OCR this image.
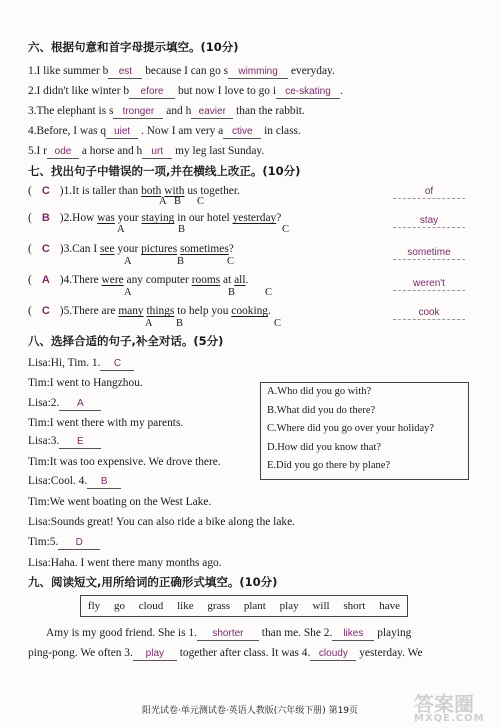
六、根据句意和首字母提示填空。(10分)
1.I like summer b est because I can go s wimming everyday.
2.I didn't like winter b efore but now I love to go i ce-skating .
3.The elephant is s tronger and h eavier than the rabbit.
4.Before, I was q uiet . Now I am very a ctive in class.
5.I r ode a horse and h urt my leg last Sunday.
七、找出句子中错误的一项,并在横线上改正。(10分)
( C )1.It is taller than both with us together.
A B C
of
( B )2.How was your staying in our hotel yesterday?
A	B	C
stay
( C )3.Can I see your pictures sometimes?
A	B	C
sometime
( A )4.There were any computer rooms at all.
A	B	C
weren't
( C )5.There are many things to help you cooking.
A B	C
cook
八、选择合适的句子,补全对话。(5分)
Lisa:Hi, Tim. 1. C
Tim:I went to Hangzhou.
Lisa:2. A
Tim:I went there with my parents.
Lisa:3. E
Tim:It was too expensive. We drove there.
Lisa:Cool. 4. B
Tim:We went boating on the West Lake.
Lisa:Sounds great! You can also ride a bike along the lake.
Tim:5. D
Lisa:Haha. I went there many months ago.
A.Who did you go with?
B.What did you do there?
C.Where did you go over your holiday?
D.How did you know that?
E.Did you go there by plane?
九、阅读短文,用所给词的正确形式填空。(10分)
fly go cloud like grass plant play will short have
Amy is my good friend. She is 1. shorter than me. She 2. likes playing
ping-pong. We often 3. play together after class. It was 4. cloudy yesterday. We
阳光试卷·单元测试卷·英语人教版(六年级下册) 第19页	答案圈
MXQE.COM
